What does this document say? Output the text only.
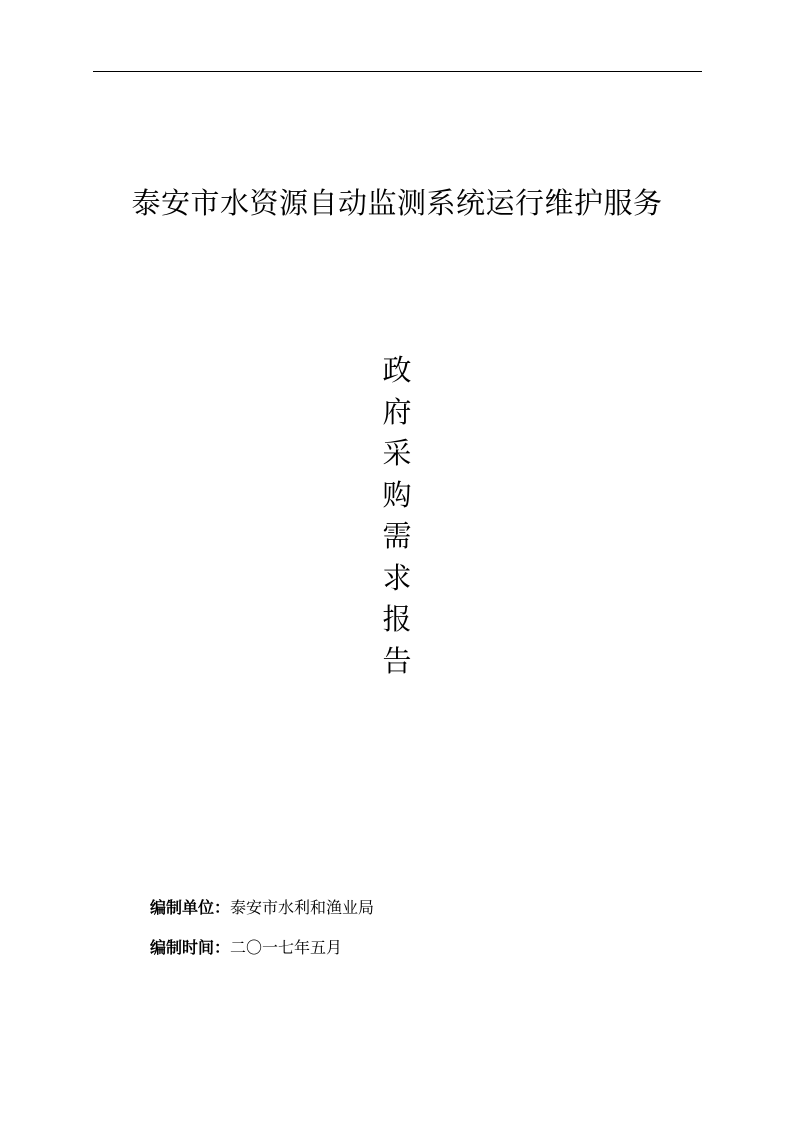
泰安市水资源自动监测系统运行维护服务
政
府
采
购
需
求
报
告
编制单位：泰安市水利和渔业局
编制时间：二〇一七年五月
